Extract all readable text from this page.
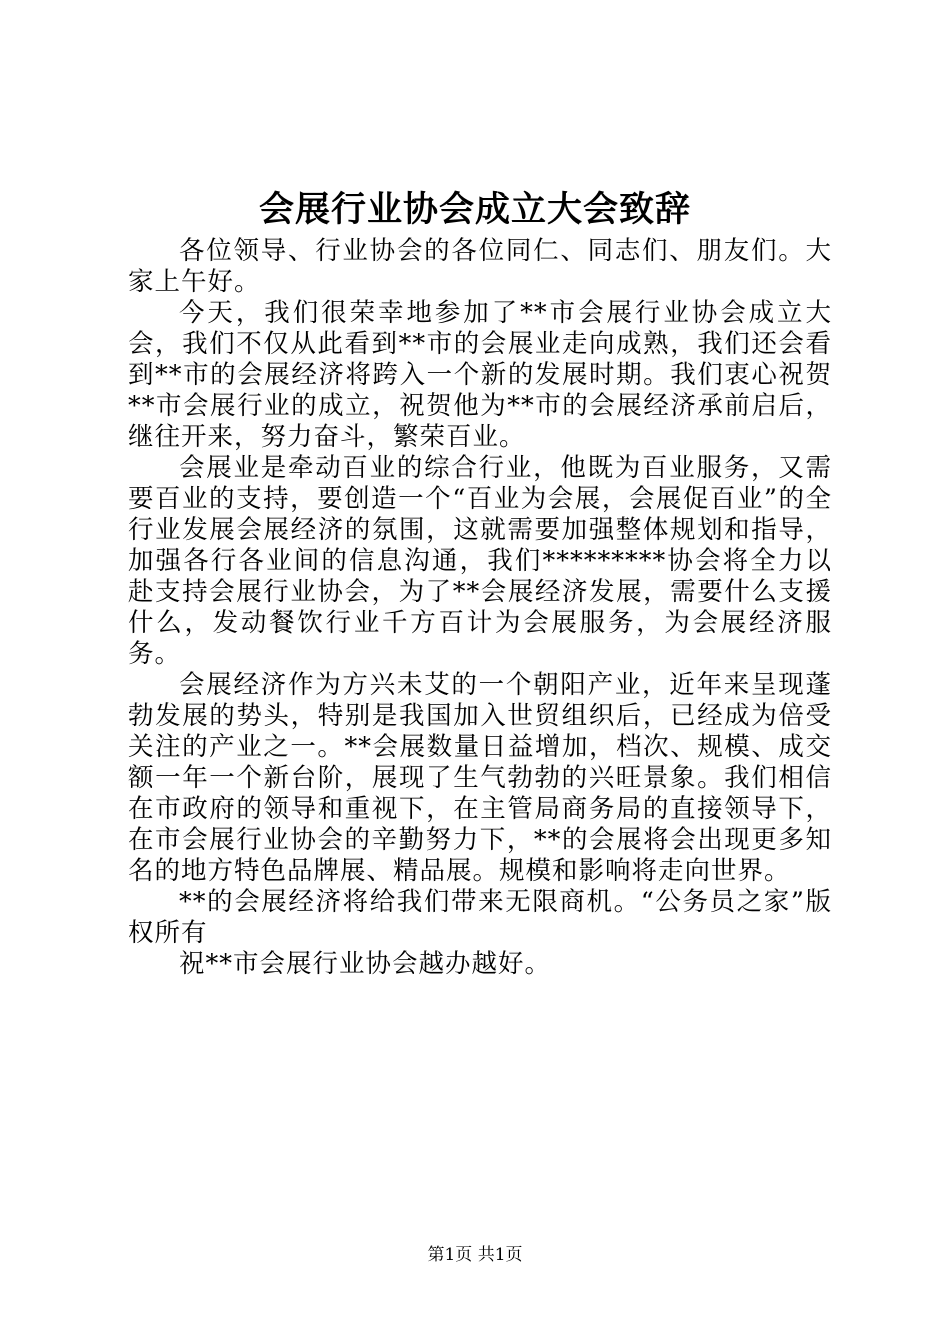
会展行业协会成立大会致辞

各位领导、行业协会的各位同仁、同志们、朋友们。大家上午好。

今天，我们很荣幸地参加了**市会展行业协会成立大会，我们不仅从此看到**市的会展业走向成熟，我们还会看到**市的会展经济将跨入一个新的发展时期。我们衷心祝贺**市会展行业的成立，祝贺他为**市的会展经济承前启后，继往开来，努力奋斗，繁荣百业。

会展业是牵动百业的综合行业，他既为百业服务，又需要百业的支持，要创造一个“百业为会展，会展促百业”的全行业发展会展经济的氛围，这就需要加强整体规划和指导，加强各行各业间的信息沟通，我们*********协会将全力以赴支持会展行业协会，为了**会展经济发展，需要什么支援什么，发动餐饮行业千方百计为会展服务，为会展经济服务。

会展经济作为方兴未艾的一个朝阳产业，近年来呈现蓬勃发展的势头，特别是我国加入世贸组织后，已经成为倍受关注的产业之一。**会展数量日益增加，档次、规模、成交额一年一个新台阶，展现了生气勃勃的兴旺景象。我们相信在市政府的领导和重视下，在主管局商务局的直接领导下，在市会展行业协会的辛勤努力下，**的会展将会出现更多知名的地方特色品牌展、精品展。规模和影响将走向世界。

**的会展经济将给我们带来无限商机。“公务员之家”版权所有

祝**市会展行业协会越办越好。

第1页 共1页
